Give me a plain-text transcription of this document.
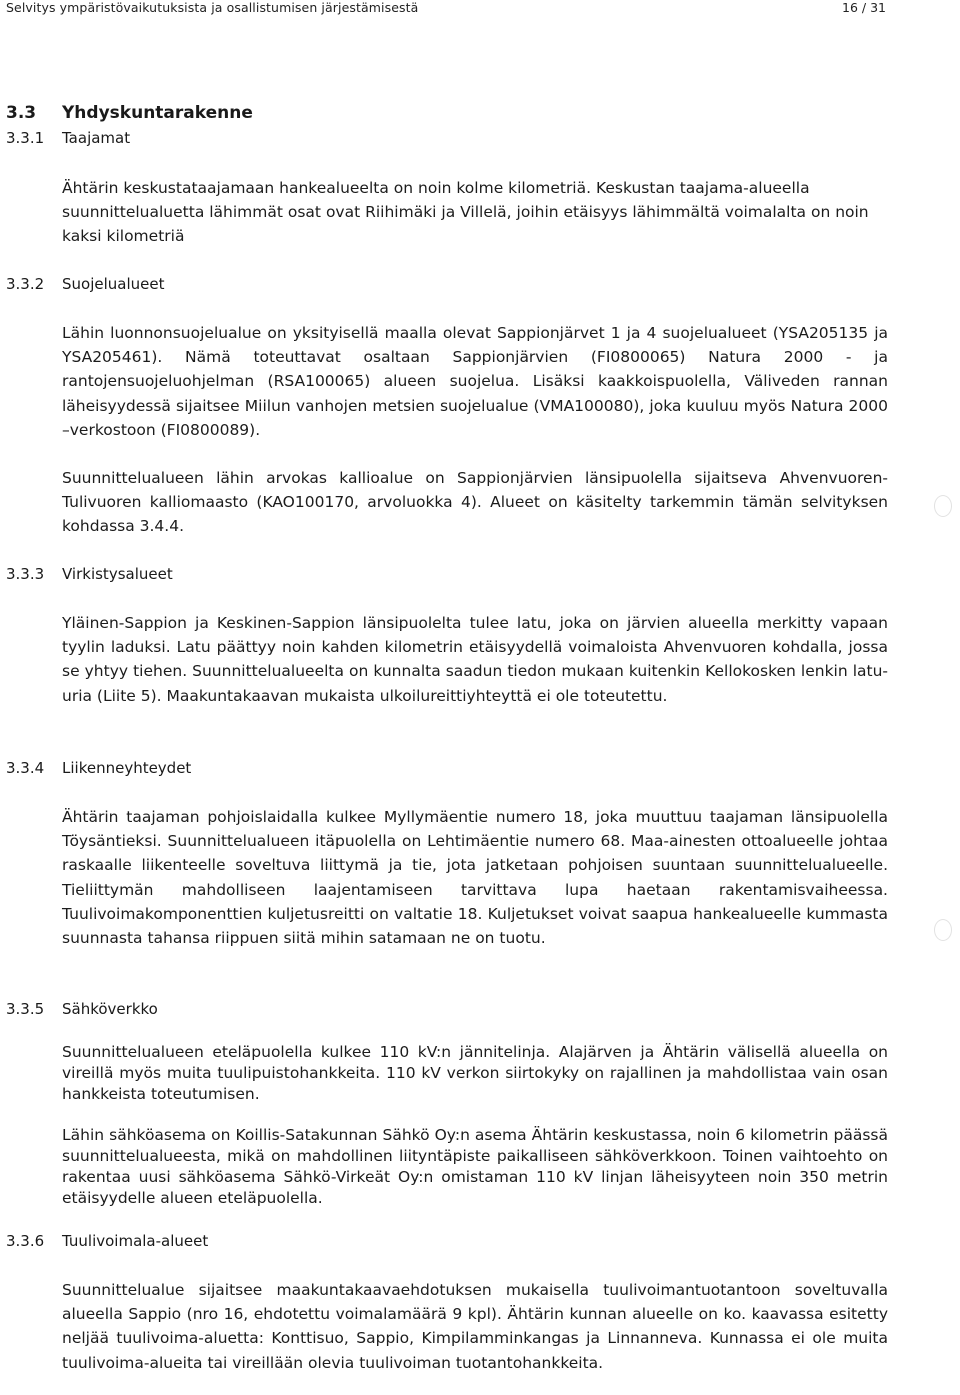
Selvitys ympäristövaikutuksista ja osallistumisen järjestämisestä	16 / 31
3.3 Yhdyskuntarakenne
3.3.1 Taajamat

Ähtärin keskustataajamaan hankealueelta on noin kolme kilometriä. Keskustan taajama-alueella suunnittelualuetta lähimmät osat ovat Riihimäki ja Villelä, joihin etäisyys lähimmältä voimalalta on noin kaksi kilometriä

3.3.2 Suojelualueet

Lähin luonnonsuojelualue on yksityisellä maalla olevat Sappionjärvet 1 ja 4 suojelualueet (YSA205135 ja YSA205461). Nämä toteuttavat osaltaan Sappionjärvien (FI0800065) Natura 2000 - ja rantojensuojeluohjelman (RSA100065) alueen suojelua. Lisäksi kaakkoispuolella, Väliveden rannan läheisyydessä sijaitsee Miilun vanhojen metsien suojelualue (VMA100080), joka kuuluu myös Natura 2000 –verkostoon (FI0800089).

Suunnittelualueen lähin arvokas kallioalue on Sappionjärvien länsipuolella sijaitseva Ahvenvuoren-Tulivuoren kalliomaasto (KAO100170, arvoluokka 4). Alueet on käsitelty tarkemmin tämän selvityksen kohdassa 3.4.4.

3.3.3 Virkistysalueet

Yläinen-Sappion ja Keskinen-Sappion länsipuolelta tulee latu, joka on järvien alueella merkitty vapaan tyylin laduksi. Latu päättyy noin kahden kilometrin etäisyydellä voimaloista Ahvenvuoren kohdalla, jossa se yhtyy tiehen. Suunnittelualueelta on kunnalta saadun tiedon mukaan kuitenkin Kellokosken lenkin latu-uria (Liite 5). Maakuntakaavan mukaista ulkoilureittiyhteyttä ei ole toteutettu.

3.3.4 Liikenneyhteydet

Ähtärin taajaman pohjoislaidalla kulkee Myllymäentie numero 18, joka muuttuu taajaman länsipuolella Töysäntieksi. Suunnittelualueen itäpuolella on Lehtimäentie numero 68. Maa-ainesten ottoalueelle johtaa raskaalle liikenteelle soveltuva liittymä ja tie, jota jatketaan pohjoisen suuntaan suunnittelualueelle. Tieliittymän mahdolliseen laajentamiseen tarvittava lupa haetaan rakentamisvaiheessa. Tuulivoimakomponenttien kuljetusreitti on valtatie 18. Kuljetukset voivat saapua hankealueelle kummasta suunnasta tahansa riippuen siitä mihin satamaan ne on tuotu.

3.3.5 Sähköverkko

Suunnittelualueen eteläpuolella kulkee 110 kV:n jännitelinja. Alajärven ja Ähtärin välisellä alueella on vireillä myös muita tuulipuistohankkeita. 110 kV verkon siirtokyky on rajallinen ja mahdollistaa vain osan hankkeista toteutumisen.

Lähin sähköasema on Koillis-Satakunnan Sähkö Oy:n asema Ähtärin keskustassa, noin 6 kilometrin päässä suunnittelualueesta, mikä on mahdollinen liityntäpiste paikalliseen sähköverkkoon. Toinen vaihtoehto on rakentaa uusi sähköasema Sähkö-Virkeät Oy:n omistaman 110 kV linjan läheisyyteen noin 350 metrin etäisyydelle alueen eteläpuolella.

3.3.6 Tuulivoimala-alueet

Suunnittelualue sijaitsee maakuntakaavaehdotuksen mukaisella tuulivoimantuotantoon soveltuvalla alueella Sappio (nro 16, ehdotettu voimalamäärä 9 kpl). Ähtärin kunnan alueelle on ko. kaavassa esitetty neljää tuulivoima-aluetta: Konttisuo, Sappio, Kimpilamminkangas ja Linnanneva. Kunnassa ei ole muita tuulivoima-alueita tai vireillään olevia tuulivoiman tuotantohankkeita.
